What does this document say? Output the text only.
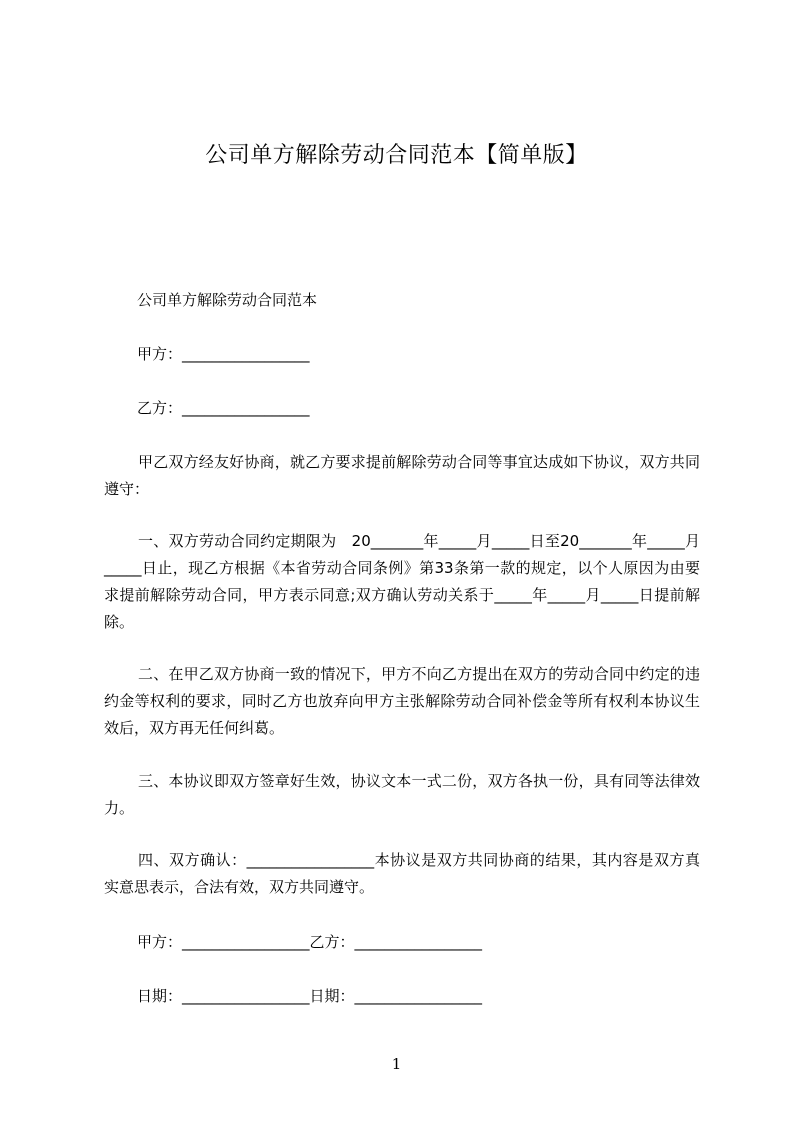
公司单方解除劳动合同范本【简单版】
公司单方解除劳动合同范本
甲方：_________________
乙方：_________________
甲乙双方经友好协商，就乙方要求提前解除劳动合同等事宜达成如下协议，双方共同遵守：
一、双方劳动合同约定期限为　20_______年_____月_____日至20_______年_____月_____日止，现乙方根据《本省劳动合同条例》第33条第一款的规定，以个人原因为由要求提前解除劳动合同，甲方表示同意;双方确认劳动关系于_____年_____月_____日提前解除。
二、在甲乙双方协商一致的情况下，甲方不向乙方提出在双方的劳动合同中约定的违约金等权利的要求，同时乙方也放弃向甲方主张解除劳动合同补偿金等所有权利本协议生效后，双方再无任何纠葛。
三、本协议即双方签章好生效，协议文本一式二份，双方各执一份，具有同等法律效力。
四、双方确认：_________________本协议是双方共同协商的结果，其内容是双方真实意思表示，合法有效，双方共同遵守。
甲方：_________________乙方：_________________
日期：_________________日期：_________________
1
